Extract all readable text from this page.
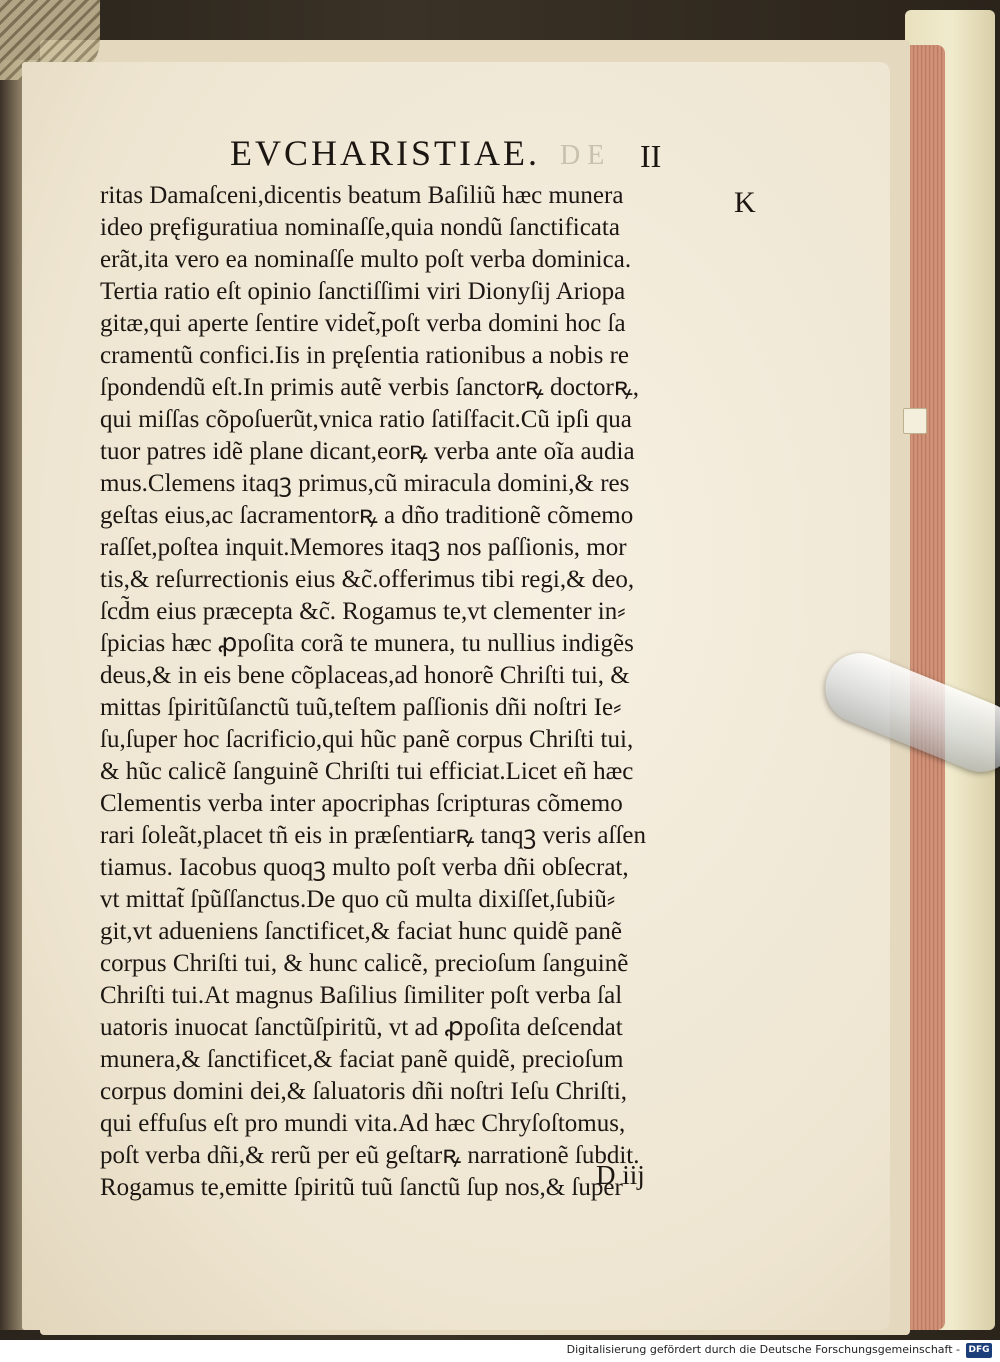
EVCHARISTIAE. D E II
K
ritas Damaſceni,dicentis beatum Baſiliũ hæc munera
ideo pręfiguratiua nominaſſe,quia nondũ ſanctificata
erãt,ita vero ea nominaſſe multo poſt verba dominica.
Tertia ratio eſt opinio ſanctiſſimi viri Dionyſij Ariopa
gitæ,qui aperte ſentire videt̃,poſt verba domini hoc ſa
cramentũ confici.Iis in pręſentia rationibus a nobis re
ſpondendũ eſt.In primis autẽ verbis ſanctorꝶ doctorꝶ,
qui miſſas cõpoſuerũt,vnica ratio ſatiſfacit.Cũ ipſi qua
tuor patres idẽ plane dicant,eorꝶ verba ante oĩa audia
mus.Clemens itaqꝫ primus,cũ miracula domini,& res
geſtas eius,ac ſacramentorꝶ a dño traditionẽ cõmemo
raſſet,poſtea inquit.Memores itaqꝫ nos paſſionis, mor
tis,& reſurrectionis eius &c̃.offerimus tibi regi,& deo,
ſcd̃m eius præcepta &c̃. Rogamus te,vt clementer in⸗
ſpicias hæc ꝓpoſita corã te munera, tu nullius indigẽs
deus,& in eis bene cõplaceas,ad honorẽ Chriſti tui, &
mittas ſpiritũſanctũ tuũ,teſtem paſſionis dñi noſtri Ie⸗
ſu,ſuper hoc ſacrificio,qui hũc panẽ corpus Chriſti tui,
& hũc calicẽ ſanguinẽ Chriſti tui efficiat.Licet eñ hæc
Clementis verba inter apocriphas ſcripturas cõmemo
rari ſoleãt,placet tñ eis in præſentiarꝶ tanqꝫ veris aſſen
tiamus. Iacobus quoqꝫ multo poſt verba dñi obſecrat,
vt mittat̃ ſpũſſanctus.De quo cũ multa dixiſſet,ſubiũ⸗
git,vt adueniens ſanctificet,& faciat hunc quidẽ panẽ
corpus Chriſti tui, & hunc calicẽ, precioſum ſanguinẽ
Chriſti tui.At magnus Baſilius ſimiliter poſt verba ſal
uatoris inuocat ſanctũſpiritũ, vt ad ꝓpoſita deſcendat
munera,& ſanctificet,& faciat panẽ quidẽ, precioſum
corpus domini dei,& ſaluatoris dñi noſtri Ieſu Chriſti,
qui effuſus eſt pro mundi vita.Ad hæc Chryſoſtomus,
poſt verba dñi,& rerũ per eũ geſtarꝶ narrationẽ ſubdit.
Rogamus te,emitte ſpiritũ tuũ ſanctũ ſup nos,& ſuper
D iij
Digitalisierung gefördert durch die Deutsche Forschungsgemeinschaft - DFG
